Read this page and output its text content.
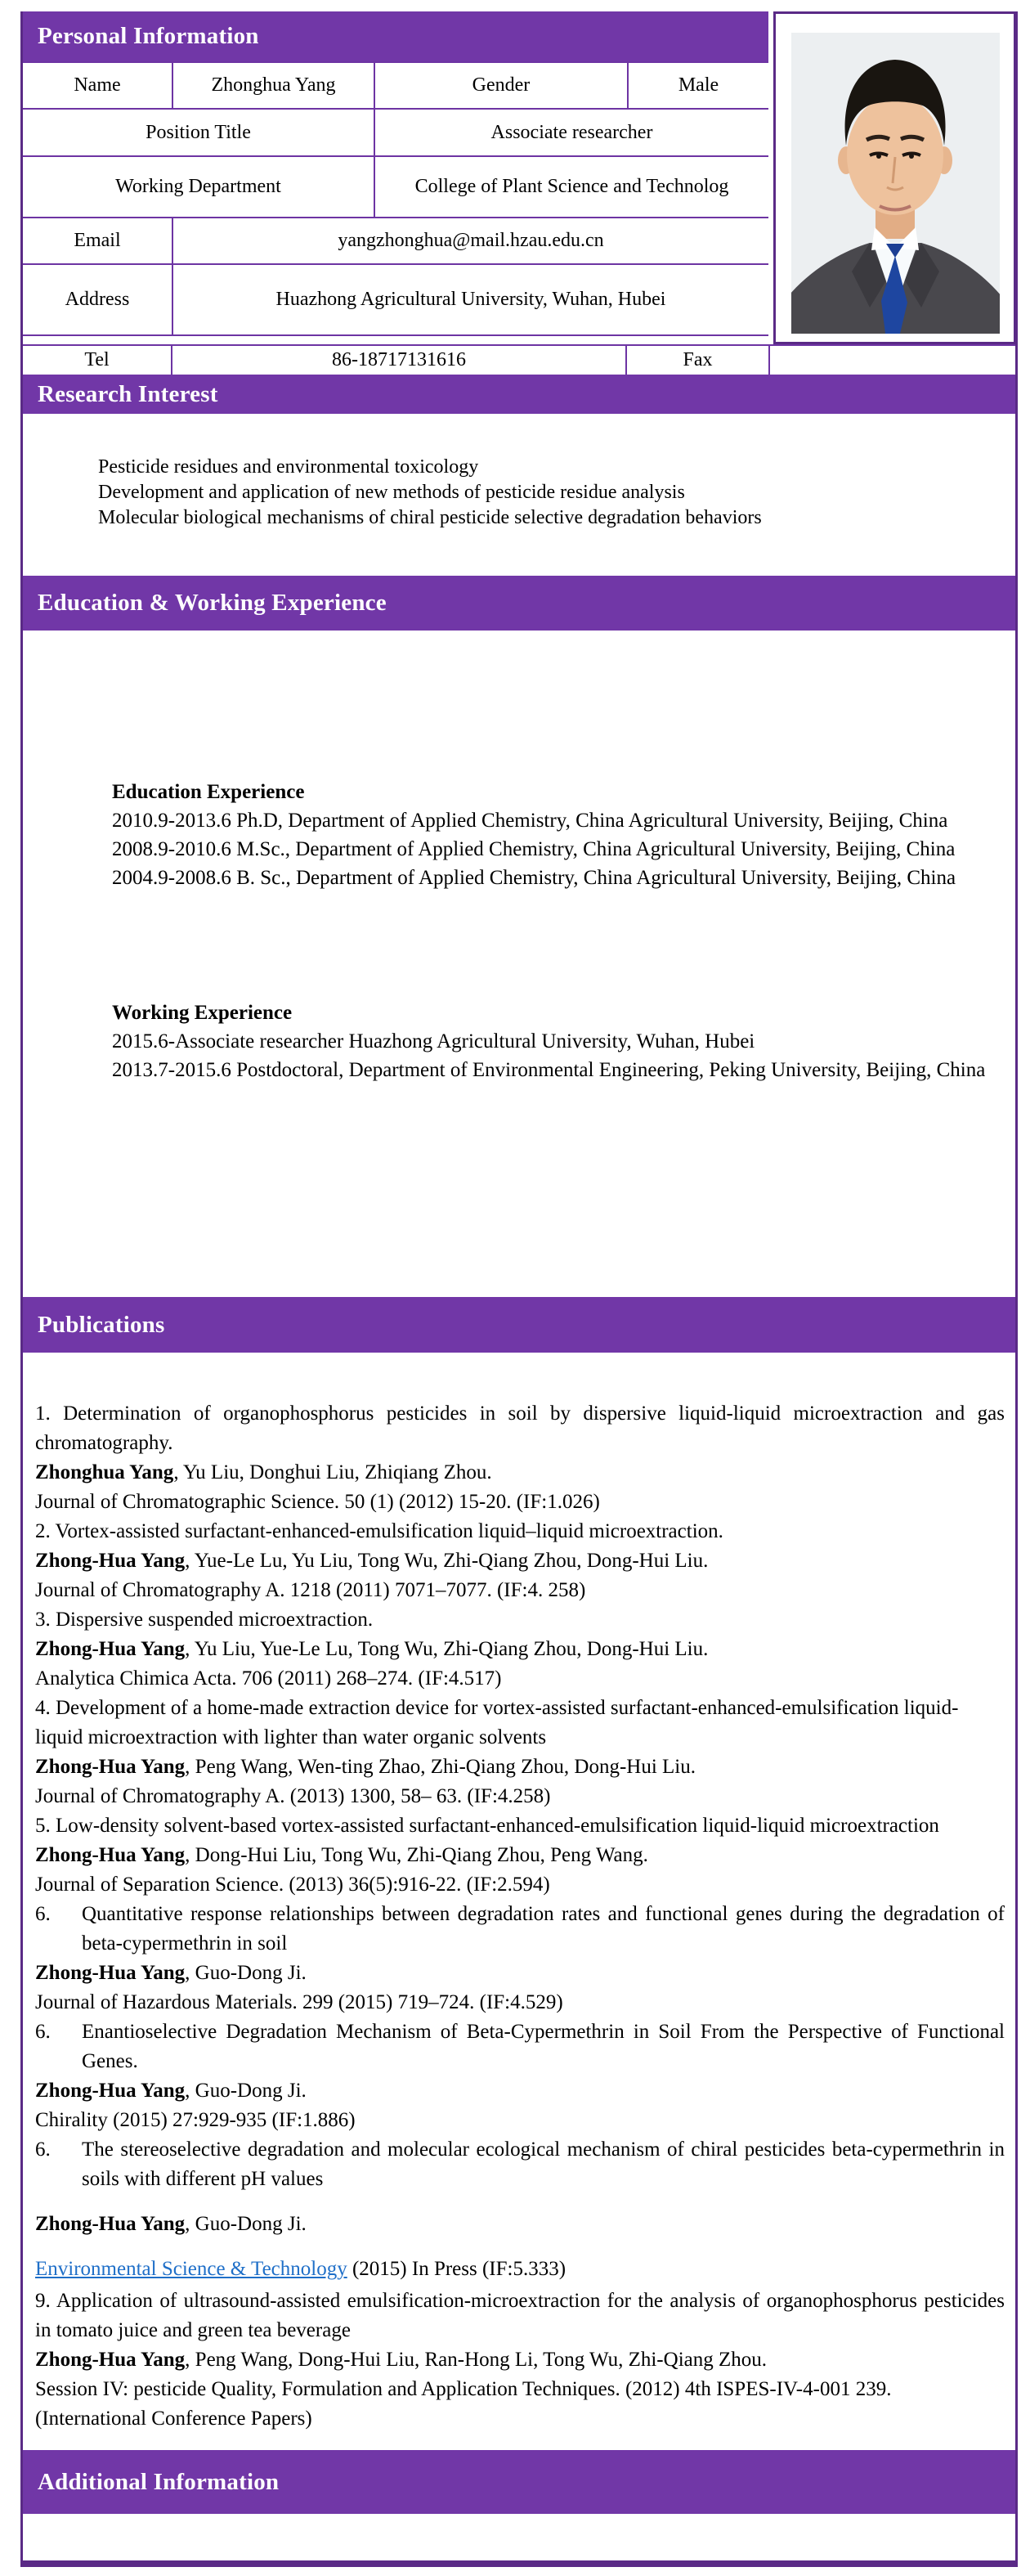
Personal Information
Name	Zhonghua Yang	Gender	Male
Position Title		Associate researcher	
Working Department		College of Plant Science and Technolog	
Email	yangzhonghua@mail.hzau.edu.cn		
Address	Huazhong Agricultural University, Wuhan, Hubei		
Tel	86-18717131616	Fax
Research Interest
Pesticide residues and environmental toxicology
Development and application of new methods of pesticide residue analysis
Molecular biological mechanisms of chiral pesticide selective degradation behaviors
Education & Working Experience
Education Experience
2010.9-2013.6 Ph.D, Department of Applied Chemistry, China Agricultural University, Beijing, China
2008.9-2010.6 M.Sc., Department of Applied Chemistry, China Agricultural University, Beijing, China
2004.9-2008.6 B. Sc., Department of Applied Chemistry, China Agricultural University, Beijing, China
Working Experience
2015.6-Associate researcher Huazhong Agricultural University, Wuhan, Hubei
2013.7-2015.6 Postdoctoral, Department of Environmental Engineering, Peking University, Beijing, China
Publications
1. Determination of organophosphorus pesticides in soil by dispersive liquid-liquid microextraction and gas chromatography.
Zhonghua Yang, Yu Liu, Donghui Liu, Zhiqiang Zhou.
Journal of Chromatographic Science. 50 (1) (2012) 15-20. (IF:1.026)
2. Vortex-assisted surfactant-enhanced-emulsification liquid–liquid microextraction.
Zhong-Hua Yang, Yue-Le Lu, Yu Liu, Tong Wu, Zhi-Qiang Zhou, Dong-Hui Liu.
Journal of Chromatography A. 1218 (2011) 7071–7077. (IF:4. 258)
3. Dispersive suspended microextraction.
Zhong-Hua Yang, Yu Liu, Yue-Le Lu, Tong Wu, Zhi-Qiang Zhou, Dong-Hui Liu.
Analytica Chimica Acta. 706 (2011) 268–274. (IF:4.517)
4. Development of a home-made extraction device for vortex-assisted surfactant-enhanced-emulsification liquid-liquid microextraction with lighter than water organic solvents
Zhong-Hua Yang, Peng Wang, Wen-ting Zhao, Zhi-Qiang Zhou, Dong-Hui Liu.
Journal of Chromatography A. (2013) 1300, 58– 63. (IF:4.258)
5. Low-density solvent-based vortex-assisted surfactant-enhanced-emulsification liquid-liquid microextraction
Zhong-Hua Yang, Dong-Hui Liu, Tong Wu, Zhi-Qiang Zhou, Peng Wang.
Journal of Separation Science. (2013) 36(5):916-22. (IF:2.594)
6. Quantitative response relationships between degradation rates and functional genes during the degradation of beta-cypermethrin in soil
Zhong-Hua Yang, Guo-Dong Ji.
Journal of Hazardous Materials. 299 (2015) 719–724. (IF:4.529)
6. Enantioselective Degradation Mechanism of Beta-Cypermethrin in Soil From the Perspective of Functional Genes.
Zhong-Hua Yang, Guo-Dong Ji.
Chirality (2015) 27:929-935 (IF:1.886)
6. The stereoselective degradation and molecular ecological mechanism of chiral pesticides beta-cypermethrin in soils with different pH values
Zhong-Hua Yang, Guo-Dong Ji.
Environmental Science & Technology (2015) In Press (IF:5.333)
9. Application of ultrasound-assisted emulsification-microextraction for the analysis of organophosphorus pesticides in tomato juice and green tea beverage
Zhong-Hua Yang, Peng Wang, Dong-Hui Liu, Ran-Hong Li, Tong Wu, Zhi-Qiang Zhou.
Session IV: pesticide Quality, Formulation and Application Techniques. (2012) 4th ISPES-IV-4-001 239. (International Conference Papers)
Additional Information
